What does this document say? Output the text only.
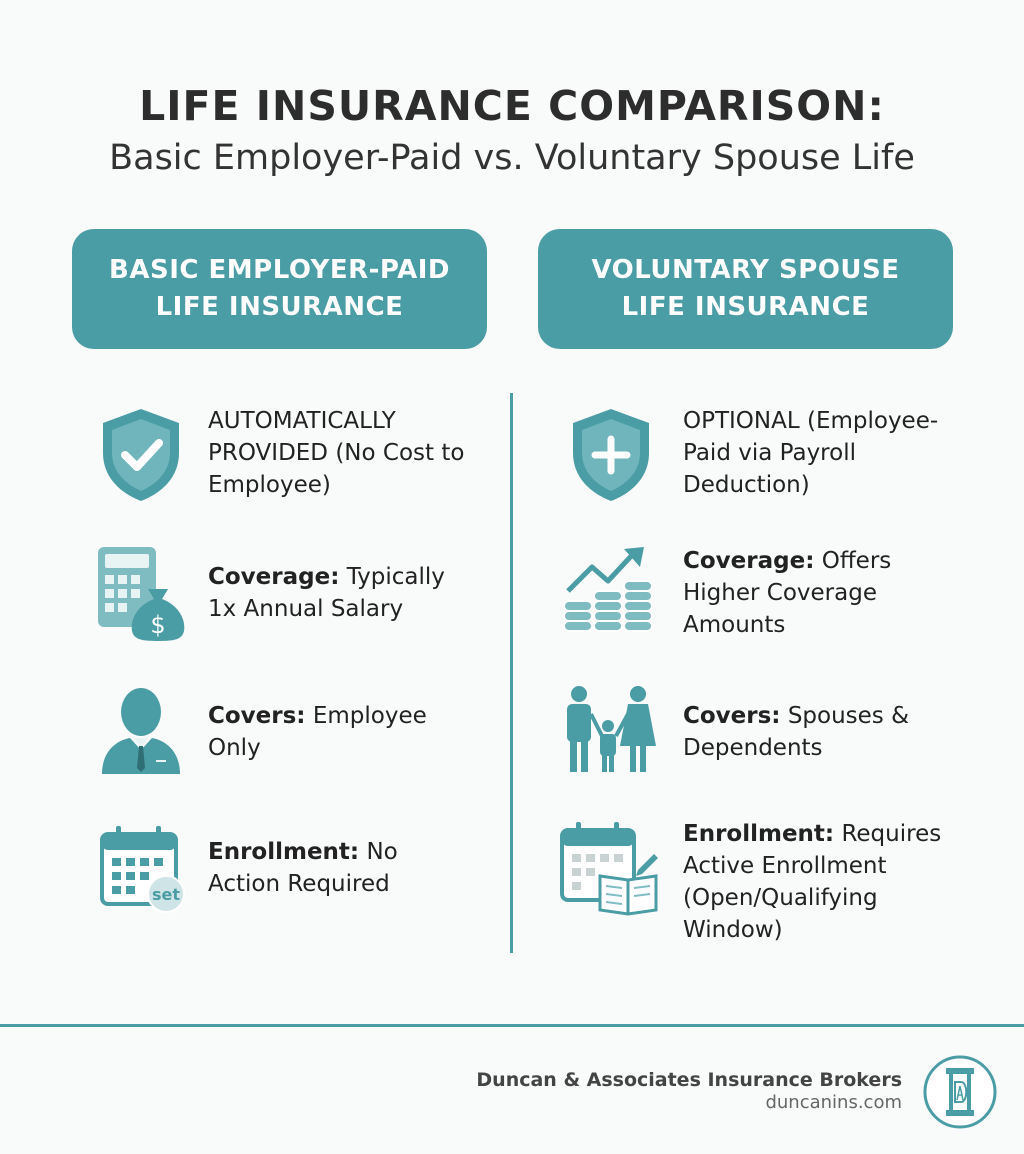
LIFE INSURANCE COMPARISON:
Basic Employer-Paid vs. Voluntary Spouse Life
BASIC EMPLOYER-PAID
LIFE INSURANCE
VOLUNTARY SPOUSE
LIFE INSURANCE
AUTOMATICALLY PROVIDED (No Cost to Employee)
$
Coverage: Typically 1x Annual Salary
Covers: Employee Only
set
Enrollment: No Action Required
OPTIONAL (Employee-Paid via Payroll Deduction)
Coverage: Offers Higher Coverage Amounts
Covers: Spouses & Dependents
Enrollment: Requires Active Enrollment (Open/Qualifying Window)
Duncan & Associates Insurance Brokers
duncanins.com
